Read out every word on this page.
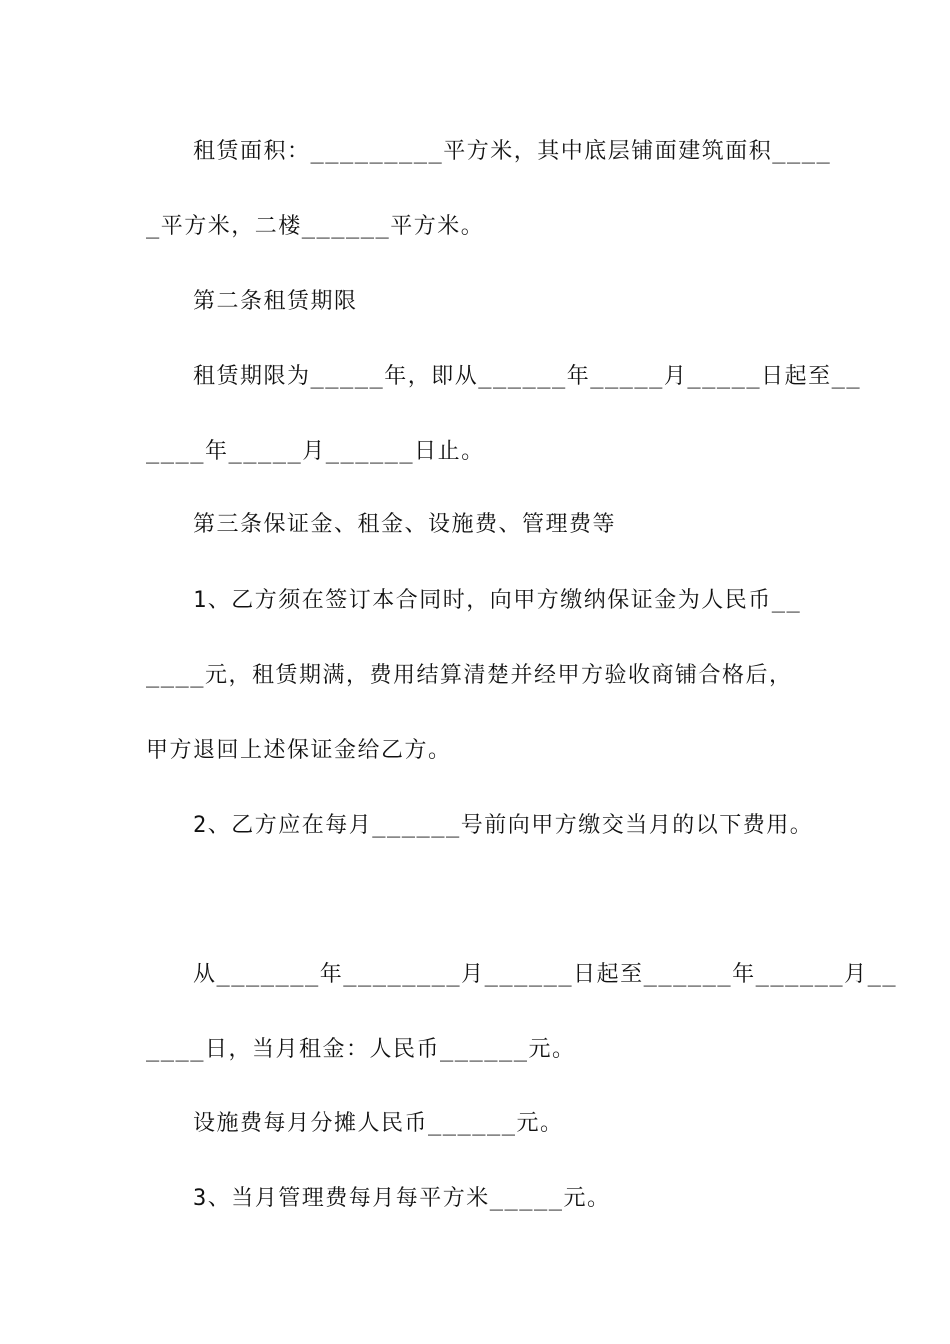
租赁面积：_________平方米，其中底层铺面建筑面积____
_平方米，二楼______平方米。
第二条租赁期限
租赁期限为_____年，即从______年_____月_____日起至__
____年_____月______日止。
第三条保证金、租金、设施费、管理费等
1、乙方须在签订本合同时，向甲方缴纳保证金为人民币__
____元，租赁期满，费用结算清楚并经甲方验收商铺合格后，
甲方退回上述保证金给乙方。
2、乙方应在每月______号前向甲方缴交当月的以下费用。
从_______年________月______日起至______年______月__
____日，当月租金：人民币______元。
设施费每月分摊人民币______元。
3、当月管理费每月每平方米_____元。
